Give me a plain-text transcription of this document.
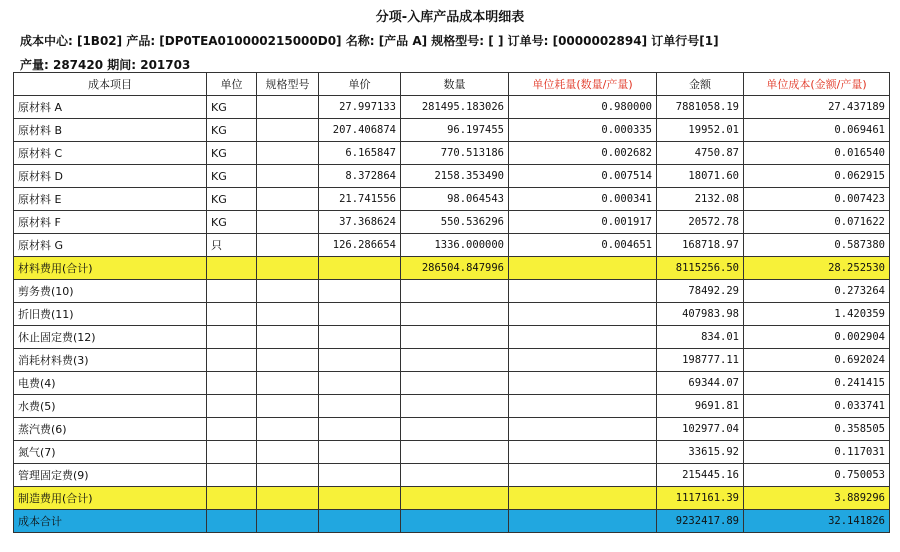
分项-入库产品成本明细表
成本中心: [1B02] 产品: [DP0TEA010000215000D0] 名称: [产品 A] 规格型号: [ ] 订单号: [0000002894] 订单行号[1]
产量: 287420 期间: 201703
成本项目	单位	规格型号	单价	数量	单位耗量(数量/产量)	金额	单位成本(金额/产量)
原材料 A	KG		27.997133	281495.183026	0.980000	7881058.19	27.437189
原材料 B	KG		207.406874	96.197455	0.000335	19952.01	0.069461
原材料 C	KG		6.165847	770.513186	0.002682	4750.87	0.016540
原材料 D	KG		8.372864	2158.353490	0.007514	18071.60	0.062915
原材料 E	KG		21.741556	98.064543	0.000341	2132.08	0.007423
原材料 F	KG		37.368624	550.536296	0.001917	20572.78	0.071622
原材料 G	只		126.286654	1336.000000	0.004651	168718.97	0.587380
材料费用(合计)				286504.847996		8115256.50	28.252530
剪务费(10)						78492.29	0.273264
折旧费(11)						407983.98	1.420359
休止固定费(12)						834.01	0.002904
消耗材料费(3)						198777.11	0.692024
电费(4)						69344.07	0.241415
水费(5)						9691.81	0.033741
蒸汽费(6)						102977.04	0.358505
氮气(7)						33615.92	0.117031
管理固定费(9)						215445.16	0.750053
制造费用(合计)						1117161.39	3.889296
成本合计						9232417.89	32.141826
